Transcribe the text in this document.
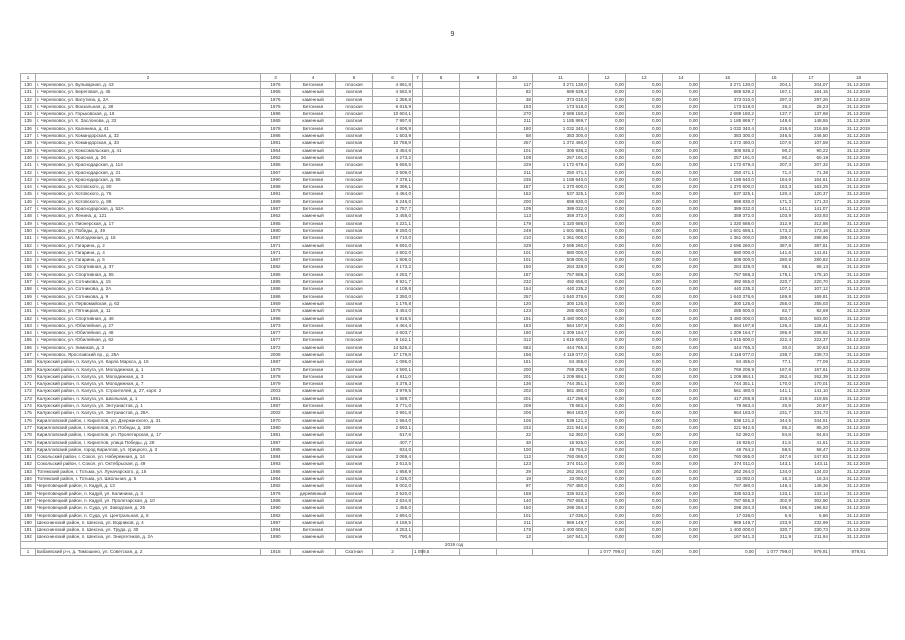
9
1	2	3	4	5	6	7	8	9	10	11	12	13	14	15	16	17	18	
130	г. Черняховск, ул. Бульварная, д. 43	1976	Бетонная	плоская	4 861,8				117	3 271 130,0	0,00	0,00	0,00	3 271 130,0	204,1	204,07	31.12.2019	
131	г. Черняховск, ул. Береговая, д. 45	1965	каменный	скатная	4 582,8				82	689 539,2	0,00	0,00	0,00	689 539,2	167,1	164,15	31.12.2019	
132	г. Черняховск, ул. Ватутина, д. 2А	1976	каменный	скатная	1 358,8				38	373 010,0	0,00	0,00	0,00	373 010,0	297,3	297,26	31.12.2019	
133	г. Черняховск, ул. Вокзальная, д. 38	1975	Бетонная	плоская	6 615,9				193	173 518,0	0,00	0,00	0,00	173 518,0	26,2	26,23	31.12.2019	
134	г. Черняховск, ул. Горьковская, д. 16	1986	Бетонная	плоская	10 604,1				270	2 689 150,2	0,00	0,00	0,00	2 689 150,2	137,7	137,68	31.12.2019	
135	г. Черняховск, ул. К. Заслонова, д. 32	1965	каменный	скатная	7 997,8				211	1 185 869,7	0,00	0,00	0,00	1 185 869,7	148,6	148,55	31.12.2019	
136	г. Черняховск, ул. Калинина, д. 41	1978	Бетонная	плоская	4 606,9				180	1 032 340,4	0,00	0,00	0,00	1 032 340,4	216,6	216,59	31.12.2019	
137	г. Черняховск, ул. Командорская, д. 32	1986	каменный	скатная	1 503,9				58	383 300,0	0,00	0,00	0,00	383 300,0	246,5	246,50	31.12.2019	
138	г. Черняховск, ул. Командорская, д. 33	1981	каменный	скатная	10 768,9				257	1 372 460,0	0,00	0,00	0,00	1 372 460,0	107,6	107,59	31.12.2019	
139	г. Черняховск, ул. Комсомольская, д. 41	1964	каменный	скатная	3 454,6				101	306 936,2	0,00	0,00	0,00	306 936,2	90,2	90,22	31.12.2019	
140	г. Черняховск, ул. Красная, д. 26	1962	каменный	скатная	4 273,2				108	257 191,0	0,00	0,00	0,00	257 191,0	60,2	60,19	31.12.2019	
141	г. Черняховск, ул. Краснодарская, д. 114	1985	Бетонная	плоская	5 656,5				229	1 172 679,4	0,00	0,00	0,00	1 172 679,4	207,3	207,32	31.12.2019	
142	г. Черняховск, ул. Краснодарская, д. 21	1967	каменный	скатная	3 509,0				211	250 471,1	0,00	0,00	0,00	250 471,1	71,4	71,38	31.12.2019	
143	г. Черняховск, ул. Краснодарская, д. 55	1990	Бетонная	плоская	7 378,1				235	1 188 640,0	0,00	0,00	0,00	1 188 640,0	164,6	164,61	31.12.2019	
144	г. Черняховск, ул. Котовского, д. 80	1988	Бетонная	плоская	8 396,1				187	1 370 600,0	0,00	0,00	0,00	1 370 600,0	163,3	163,25	31.12.2019	
145	г. Черняховск, ул. Котовского, д. 76	1991	Бетонная	плоская	4 464,0				152	537 325,1	0,00	0,00	0,00	537 325,1	120,4	120,37	31.12.2019	
146	г. Черняховск, ул. Котовского, д. 88	1989	Бетонная	плоская	5 246,0				200	898 830,0	0,00	0,00	0,00	898 830,0	171,3	171,33	31.12.2019	
147	г. Черняховск, ул. Краснодарская, д. 52А	1987	Бетонная	плоская	2 757,7				109	389 032,0	0,00	0,00	0,00	389 032,0	141,1	141,07	31.12.2019	
148	г. Черняховск, ул. Ленина, д. 121	1962	каменный	скатная	3 458,0				113	359 372,0	0,00	0,00	0,00	359 372,0	103,9	103,93	31.12.2019	
149	г. Черняховск, ул. Пионерская, д. 17	1985	Бетонная	скатная	4 221,1				179	1 320 688,0	0,00	0,00	0,00	1 320 688,0	312,9	312,88	31.12.2019	
150	г. Черняховск, ул. Победы, д. 49	1980	Бетонная	скатная	9 250,0				249	1 601 686,1	0,00	0,00	0,00	1 601 686,1	173,2	173,16	31.12.2019	
151	г. Черняховск, ул. Молодежная, д. 18	1987	Бетонная	плоская	4 710,0				210	1 361 000,0	0,00	0,00	0,00	1 361 000,0	289,0	288,96	31.12.2019	
152	г. Черняховск, ул. Гагарина, д. 2	1971	каменный	скатная	6 692,0				229	2 595 260,0	0,00	0,00	0,00	2 595 260,0	387,8	387,81	31.12.2019	
153	г. Черняховск, ул. Гагарина, д. 4	1971	Бетонная	плоская	4 802,0				101	680 000,0	0,00	0,00	0,00	680 000,0	141,6	141,61	31.12.2019	
154	г. Черняховск, ул. Гагарина, д. 5	1987	Бетонная	плоская	1 809,0				101	508 000,0	0,00	0,00	0,00	508 000,0	280,8	280,82	31.12.2019	
155	г. Черняховск, ул. Спортивная, д. 37	1982	Бетонная	плоская	4 173,2				150	284 328,0	0,00	0,00	0,00	284 328,0	68,1	68,13	31.12.2019	
156	г. Черняховск, ул. Спортивная, д. 55	1985	Бетонная	плоская	4 253,7				187	757 588,3	0,00	0,00	0,00	757 588,3	178,1	178,10	31.12.2019	
157	г. Черняховск, ул. Сотникова, д. 15	1985	Бетонная	плоская	8 921,7				232	492 655,0	0,00	0,00	0,00	492 655,0	220,7	220,70	31.12.2019	
158	г. Черняховск, ул. Сотникова, д. 2А	1986	Бетонная	плоская	4 109,8				154	440 235,2	0,00	0,00	0,00	440 235,2	107,1	107,12	31.12.2019	
159	г. Черняховск, ул. Сотникова, д. 9	1986	Бетонная	плоская	3 350,0				257	1 640 376,6	0,00	0,00	0,00	1 640 376,6	169,8	169,81	31.12.2019	
160	г. Черняховск, ул. Первомайская, д. 62	1959	каменный	скатная	1 176,8				120	300 125,0	0,00	0,00	0,00	300 125,0	255,0	255,03	31.12.2019	
161	г. Черняховск, ул. Пятницкая, д. 11	1978	каменный	скатная	3 454,0				123	285 600,0	0,00	0,00	0,00	285 600,0	82,7	82,69	31.12.2019	
162	г. Черняховск, ул. Спортивная, д. 46	1998	каменный	скатная	6 918,5				191	3 480 000,0	0,00	0,00	0,00	3 480 000,0	503,0	503,00	31.12.2019	
163	г. Черняховск, ул. Юбилейная, д. 27	1973	Бетонная	скатная	4 464,4				183	564 197,8	0,00	0,00	0,00	564 197,8	126,4	126,41	31.12.2019	
164	г. Черняховск, ул. Юбилейная, д. 48	1977	Бетонная	скатная	4 603,7				180	1 309 164,7	0,00	0,00	0,00	1 309 164,7	285,9	285,92	31.12.2019	
165	г. Черняховск, ул. Юбилейная, д. 62	1977	Бетонная	плоская	8 162,1				312	1 815 600,0	0,00	0,00	0,00	1 815 600,0	222,4	222,37	31.12.2019	
166	г. Черняховск, ул. Химиков, д. 3	1972	каменный	скатная	14 526,2				582	444 765,3	0,00	0,00	0,00	444 765,3	30,6	30,63	31.12.2019	
167	г. Черняховск, Ярославский пр., д. 25А	2008	каменный	скатная	17 179,8				156	4 118 077,0	0,00	0,00	0,00	4 118 077,0	239,7	239,73	31.12.2019	
168	Калужский район, п. Калуга, ул. Карла Маркса, д. 15	1987	каменный	скатная	1 096,0				161	84 455,0	0,00	0,00	0,00	84 455,0	77,1	77,06	31.12.2019	
169	Калужский район, п. Калуга, ул. Молодежная, д. 1	1979	Бетонная	скатная	4 590,1				200	769 208,9	0,00	0,00	0,00	769 208,9	167,6	167,61	31.12.2019	
170	Калужский район, п. Калуга, ул. Молодежная, д. 3	1978	Бетонная	скатная	4 611,0				201	1 209 884,1	0,00	0,00	0,00	1 209 884,1	262,4	262,39	31.12.2019	
171	Калужский район, п. Калуга, ул. Молодежная, д. 7	1979	Бетонная	скатная	4 378,3				136	744 351,1	0,00	0,00	0,00	744 351,1	170,0	170,01	31.12.2019	
172	Калужский район, п. Калуга, ул. Строителей, д. 27, корп. 2	2003	каменный	скатная	3 979,5				202	561 480,0	0,00	0,00	0,00	561 480,0	141,1	141,10	31.12.2019	
173	Калужский район, п. Калуга, ул. Школьная, д. 1	1981	каменный	скатная	1 599,7				201	417 298,8	0,00	0,00	0,00	417 298,8	219,5	219,55	31.12.2019	
174	Калужский район, п. Калуга, ул. Энтузиастов, д. 1	1987	Бетонная	скатная	3 771,0				209	78 683,4	0,00	0,00	0,00	78 683,4	20,9	20,87	31.12.2019	
175	Калужский район, п. Калуга, ул. Энтузиастов, д. 28А	2002	каменный	скатная	3 991,8				206	964 183,0	0,00	0,00	0,00	964 183,0	231,7	231,73	31.12.2019	
176	Кирилловский район, г. Кириллов, ул. Дзержинского, д. 31	1970	каменный	скатная	1 564,0				105	538 121,2	0,00	0,00	0,00	538 121,2	344,5	344,51	31.12.2019	
177	Кирилловский район, г. Кириллов, ул. Победы, д. 169	1980	каменный	скатная	2 593,1				232	221 942,6	0,00	0,00	0,00	221 942,6	85,2	85,20	31.12.2019	
178	Кирилловский район, г. Кириллов, ул. Пролетарская, д. 17	1981	каменный	скатная	617,6				22	52 392,0	0,00	0,00	0,00	52 392,0	84,8	84,84	31.12.2019	
179	Кирилловский район, г. Кириллов, улица Победы, д. 28	1987	каменный	скатная	407,7				48	16 925,0	0,00	0,00	0,00	16 925,0	41,5	41,51	31.12.2019	
180	Кирилловский район, город Кириллов, ул. Урицкого, д. 3	1985	каменный	скатная	834,0				100	48 764,2	0,00	0,00	0,00	48 764,2	58,5	58,47	31.12.2019	
181	Сокольский район, г. Сокол, ул. Набережная, д. 14	1984	каменный	скатная	3 069,4				112	760 065,0	0,00	0,00	0,00	760 065,0	247,6	247,63	31.12.2019	
182	Сокольский район, г. Сокол, ул. Октябрьская, д. 49	1993	каменный	скатная	2 613,5				123	374 011,0	0,00	0,00	0,00	374 011,0	143,1	143,11	31.12.2019	
183	Тотемский район, г. Тотьма, ул. Луначарского, д. 15	1986	каменный	скатная	1 958,9				29	262 264,0	0,00	0,00	0,00	262 264,0	134,0	134,03	31.12.2019	
184	Тотемский район, г. Тотьма, ул. Школьная, д. 5	1984	каменный	скатная	2 025,0				19	33 092,0	0,00	0,00	0,00	33 092,0	16,3	16,34	31.12.2019	
185	Череповецкий район, п. Кадуй, д. 13	1982	каменный	скатная	5 002,0				97	787 480,0	0,00	0,00	0,00	787 480,0	148,4	148,36	31.12.2019	
186	Череповецкий район, п. Кадуй, ул. Калинина, д. 3	1976	деревянный	скатная	2 520,0				158	335 523,2	0,00	0,00	0,00	335 523,2	133,1	133,14	31.12.2019	
187	Череповецкий район, п. Кадуй, ул. Пролетарская, д. 10	1986	каменный	скатная	2 634,8				140	787 655,3	0,00	0,00	0,00	787 655,3	302,9	302,90	31.12.2019	
188	Череповецкий район, п. Суда, ул. Заводская, д. 25	1990	каменный	скатная	1 456,0				150	298 284,3	0,00	0,00	0,00	298 284,3	196,5	196,52	31.12.2019	
189	Череповецкий район, п. Суда, ул. Центральная, д. 8	1982	каменный	скатная	2 894,0				101	17 036,0	0,00	0,00	0,00	17 036,0	5,9	5,86	31.12.2019	
190	Шекснинский район, п. Шексна, ул. Водников, д. 4	1997	каменный	скатная	4 169,5				211	969 149,7	0,00	0,00	0,00	969 149,7	233,9	232,99	31.12.2019	
191	Шекснинский район, п. Шексна, ул. Труда, д. 30	1994	Бетонная	скатная	4 253,1				178	1 400 000,0	0,00	0,00	0,00	1 400 000,0	330,7	330,73	31.12.2019	
192	Шекснинский район, п. Шексна, ул. Энергетиков, д. 2А	1990	каменный	скатная	790,6				12	167 541,3	0,00	0,00	0,00	167 541,3	211,9	211,94	31.12.2019	
2019 год																		
1	Бабаевский р-н, д. Тимошино, ул. Советская, д. 2	1918	каменный	Скатная	2	1 099,5					1 077 799,0	0,00	0,00	0,00	1 077 799,0	979,91	979,91	
